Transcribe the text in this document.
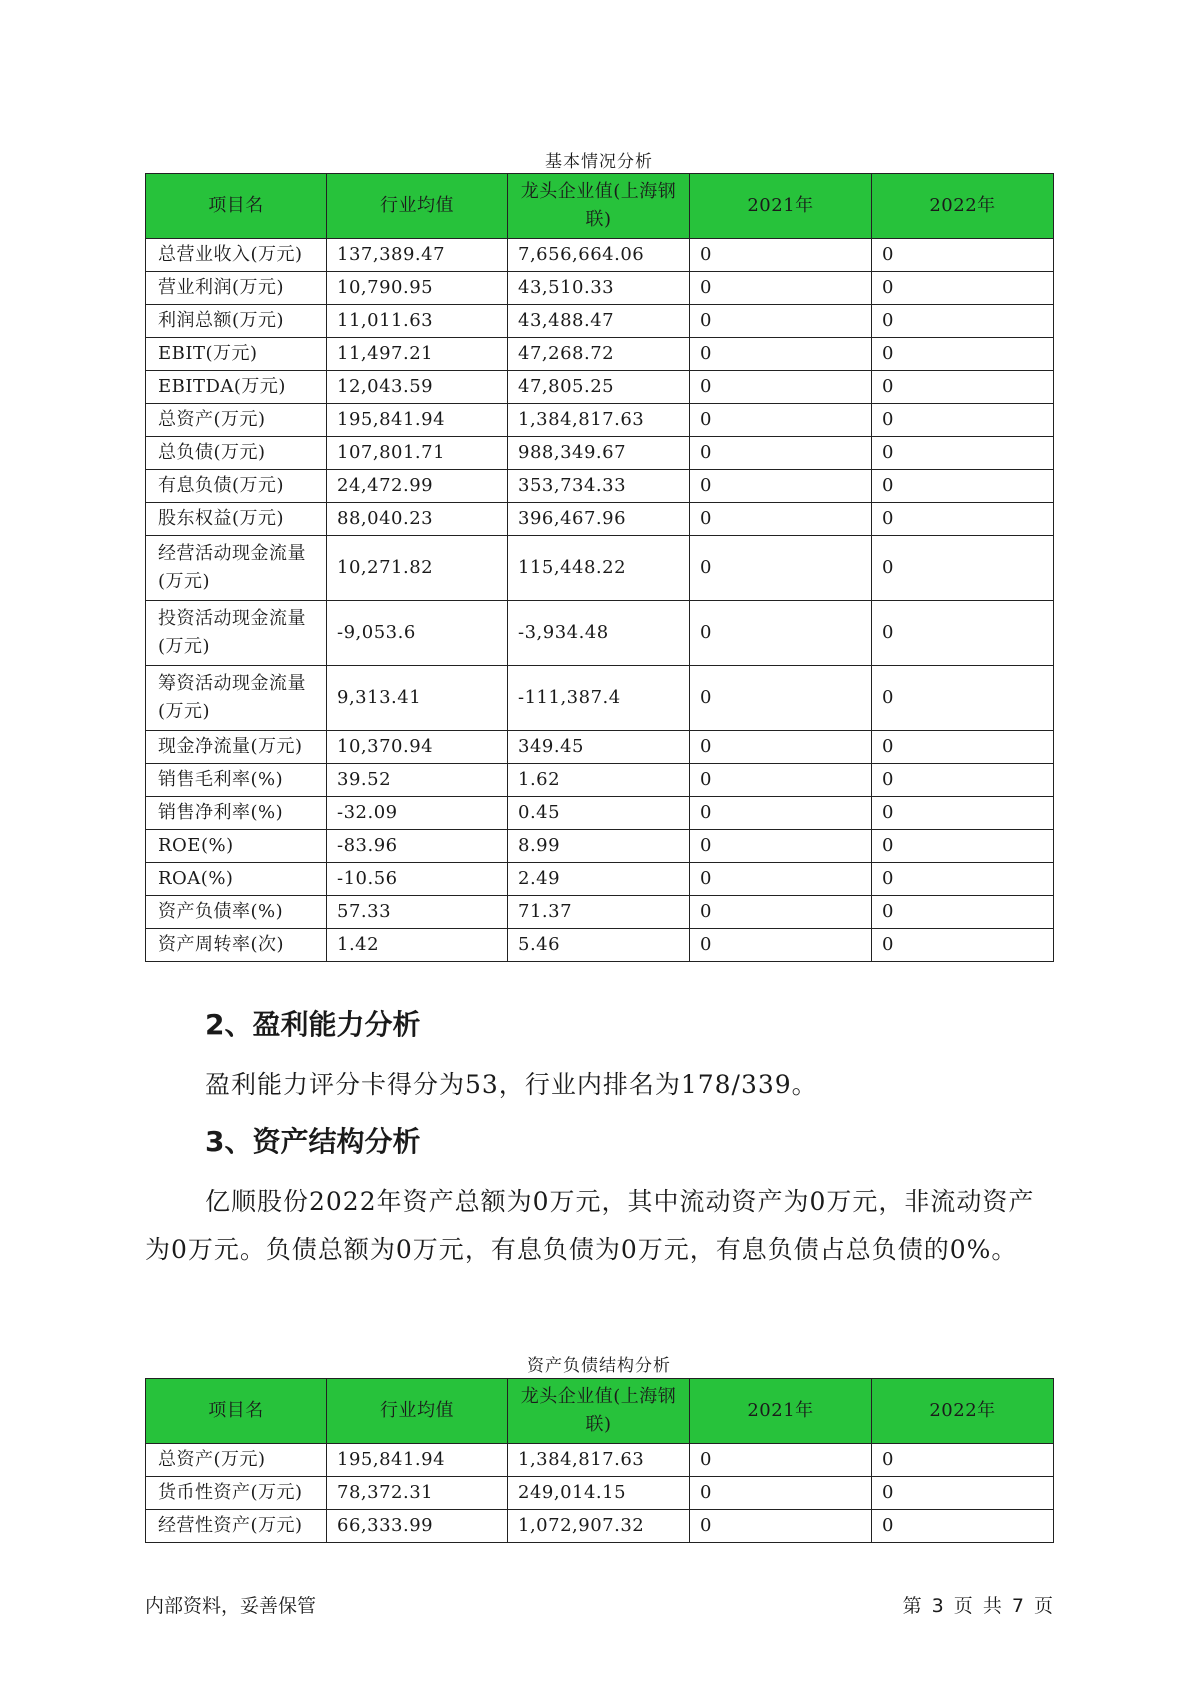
基本情况分析
项目名	行业均值	龙头企业值(上海钢联)	2021年	2022年
总营业收入(万元)	137,389.47	7,656,664.06	0	0
营业利润(万元)	10,790.95	43,510.33	0	0
利润总额(万元)	11,011.63	43,488.47	0	0
EBIT(万元)	11,497.21	47,268.72	0	0
EBITDA(万元)	12,043.59	47,805.25	0	0
总资产(万元)	195,841.94	1,384,817.63	0	0
总负债(万元)	107,801.71	988,349.67	0	0
有息负债(万元)	24,472.99	353,734.33	0	0
股东权益(万元)	88,040.23	396,467.96	0	0
经营活动现金流量(万元)	10,271.82	115,448.22	0	0
投资活动现金流量(万元)	-9,053.6	-3,934.48	0	0
筹资活动现金流量(万元)	9,313.41	-111,387.4	0	0
现金净流量(万元)	10,370.94	349.45	0	0
销售毛利率(%)	39.52	1.62	0	0
销售净利率(%)	-32.09	0.45	0	0
ROE(%)	-83.96	8.99	0	0
ROA(%)	-10.56	2.49	0	0
资产负债率(%)	57.33	71.37	0	0
资产周转率(次)	1.42	5.46	0	0
2、盈利能力分析
盈利能力评分卡得分为53，行业内排名为178/339。
3、资产结构分析
亿顺股份2022年资产总额为0万元，其中流动资产为0万元，非流动资产为0万元。负债总额为0万元，有息负债为0万元，有息负债占总负债的0%。
资产负债结构分析
项目名	行业均值	龙头企业值(上海钢联)	2021年	2022年
总资产(万元)	195,841.94	1,384,817.63	0	0
货币性资产(万元)	78,372.31	249,014.15	0	0
经营性资产(万元)	66,333.99	1,072,907.32	0	0
内部资料，妥善保管	第 3 页 共 7 页
